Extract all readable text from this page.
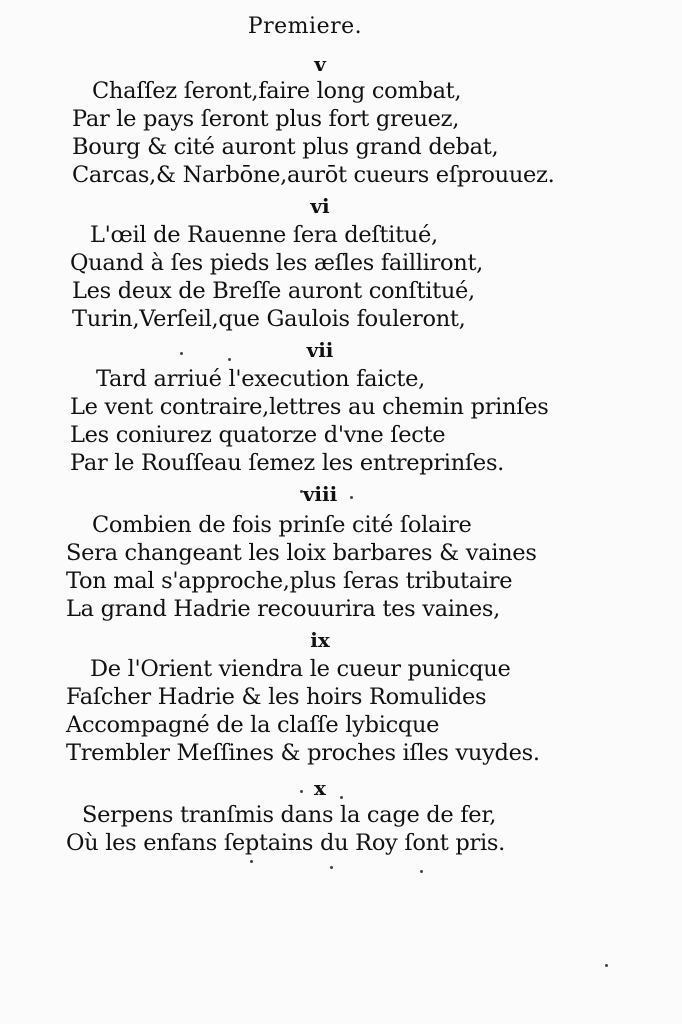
Premiere.
v
Chaſſez ſeront,faire long combat,
Par le pays ſeront plus fort greuez,
Bourg & cité auront plus grand debat,
Carcas,& Narbōne,aurōt cueurs eſprouuez.
vi
L'œil de Rauenne ſera deſtitué,
Quand à ſes pieds les æſles failliront,
Les deux de Breſſe auront conſtitué,
Turin,Verſeil,que Gaulois fouleront,
vii
Tard arriué l'execution faicte,
Le vent contraire,lettres au chemin prinſes
Les coniurez quatorze d'vne ſecte
Par le Rouſſeau ſemez les entreprinſes.
viii
Combien de fois prinſe cité ſolaire
Sera changeant les loix barbares & vaines
Ton mal s'approche,plus ſeras tributaire
La grand Hadrie recouurira tes vaines,
ix
De l'Orient viendra le cueur punicque
Faſcher Hadrie & les hoirs Romulides
Accompagné de la claſſe lybicque
Trembler Meſſines & proches iſles vuydes.
x
Serpens tranſmis dans la cage de fer,
Où les enfans ſeptains du Roy ſont pris.
